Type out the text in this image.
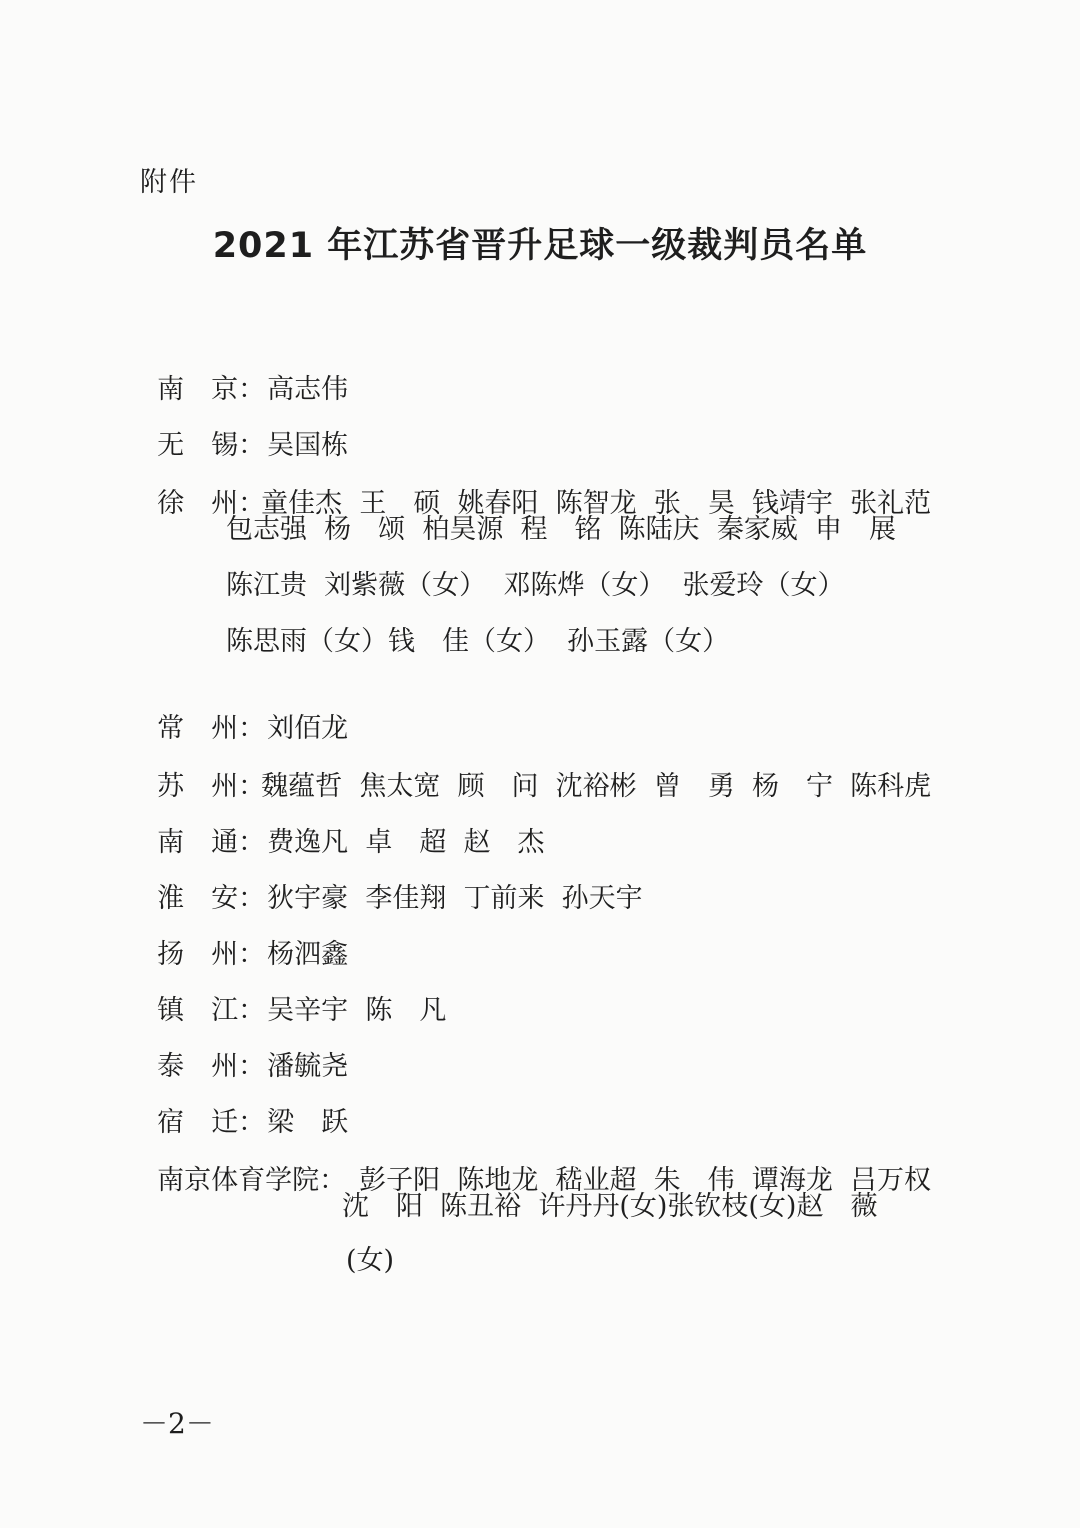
附件
2021 年江苏省晋升足球一级裁判员名单

南　京：高志伟

无　锡：吴国栋

徐　州：童佳杰  王　硕  姚春阳  陈智龙  张　昊  钱靖宇  张礼范

包志强  杨　颂  柏昊源  程　铭  陈陆庆  秦家威  申　展
陈江贵  刘紫薇（女）  邓陈烨（女）  张爱玲（女）
陈思雨（女）钱　佳（女）  孙玉露（女）

常　州：刘佰龙

苏　州：魏蕴哲  焦太宽  顾　问  沈裕彬  曾　勇  杨　宁  陈科虎

南　通：费逸凡  卓　超  赵　杰

淮　安：狄宇豪  李佳翔  丁前来  孙天宇

扬　州：杨泗鑫

镇　江：吴辛宇  陈　凡

泰　州：潘毓尧

宿　迁：梁　跃

南京体育学院： 彭子阳  陈地龙  嵇业超  朱　伟  谭海龙  吕万权

沈　阳  陈丑裕  许丹丹(女)张钦枝(女)赵　薇
(女)
－2－
